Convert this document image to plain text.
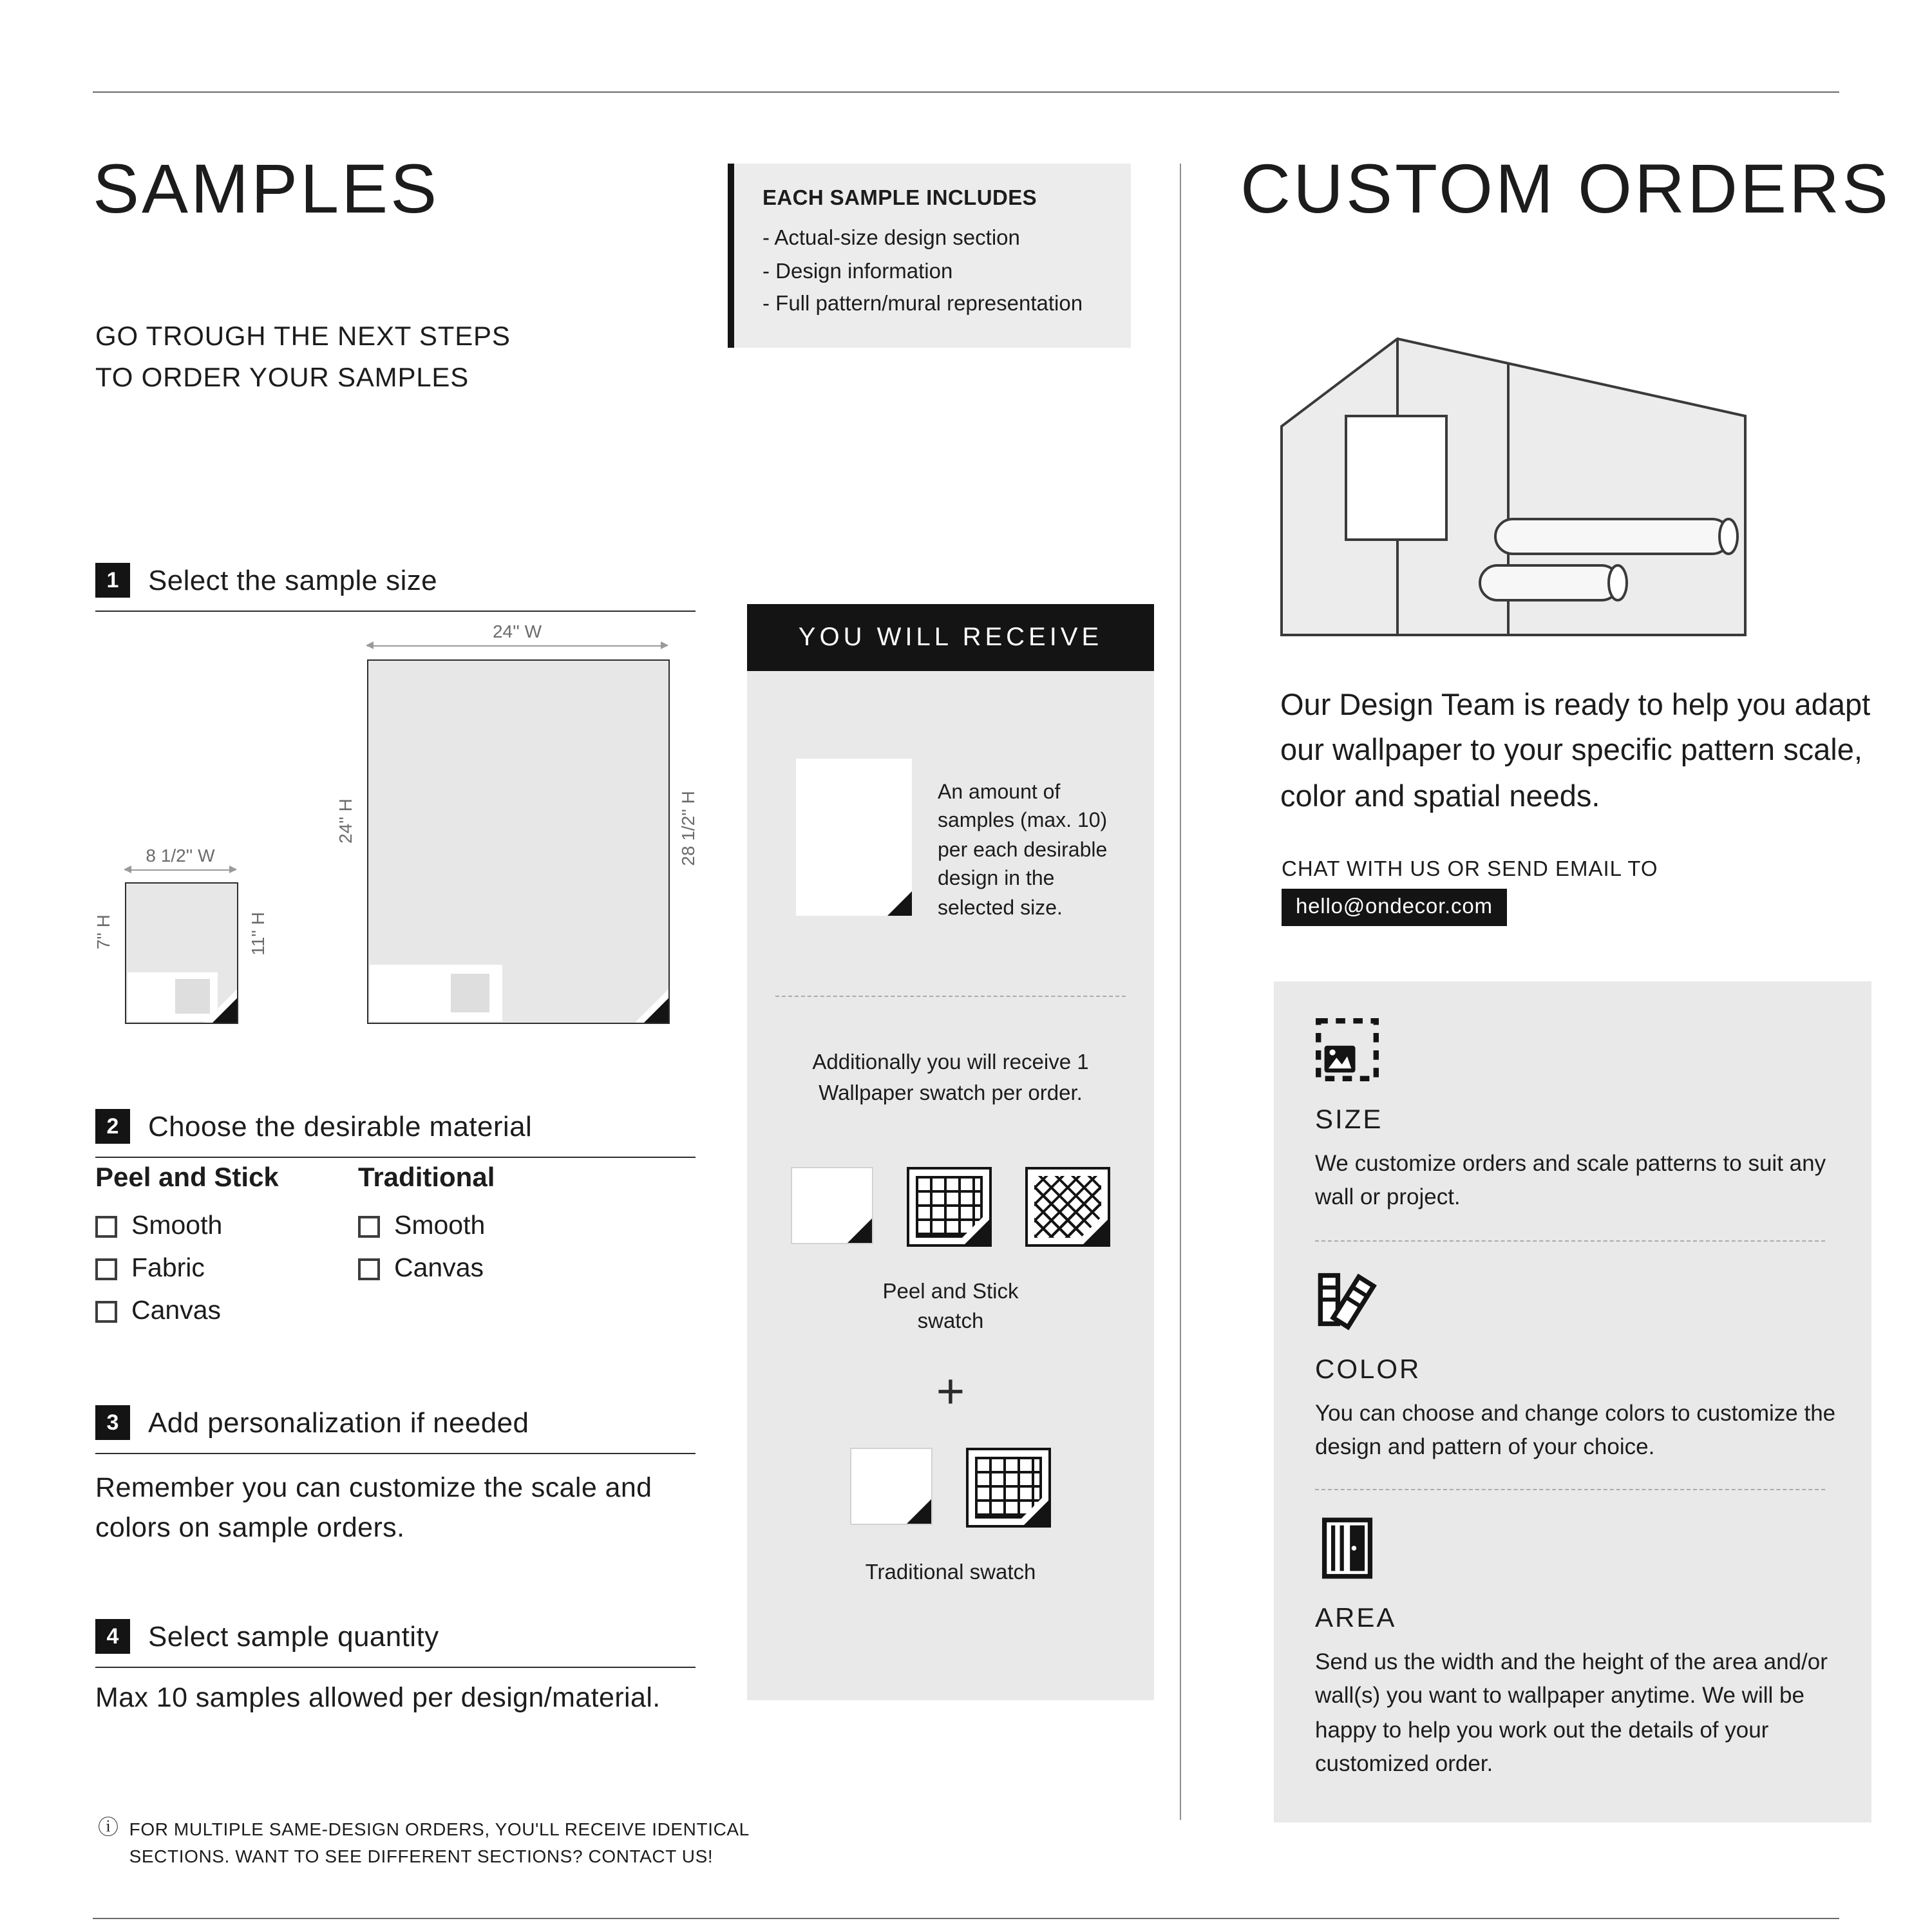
SAMPLES
GO TROUGH THE NEXT STEPS
TO ORDER YOUR SAMPLES
EACH SAMPLE INCLUDES
- Actual-size design section
- Design information
- Full pattern/mural representation
1	Select the sample size
2	Choose the desirable material
3	Add personalization if needed
4	Select sample quantity
24'' W
24'' H	28 1/2'' H
8 1/2'' W
7'' H	11'' H
Peel and Stick
Smooth
Fabric
Canvas
Traditional
Smooth
Canvas
Remember you can customize the scale and colors on sample orders.
Max 10 samples allowed per design/material.
ⓘ FOR MULTIPLE SAME-DESIGN ORDERS, YOU'LL RECEIVE IDENTICAL
SECTIONS. WANT TO SEE DIFFERENT SECTIONS? CONTACT US!
YOU WILL RECEIVE

An amount of samples (max. 10) per each desirable design in the selected size.

Additionally you will receive 1 Wallpaper swatch per order.

Peel and Stick swatch

+

Traditional swatch

CUSTOM ORDERS

Our Design Team is ready to help you adapt our wallpaper to your specific pattern scale, color and spatial needs.

CHAT WITH US OR SEND EMAIL TO
hello@ondecor.com
SIZE

We customize orders and scale patterns to suit any wall or project.

COLOR

You can choose and change colors to customize the design and pattern of your choice.

AREA

Send us the width and the height of the area and/or wall(s) you want to wallpaper anytime. We will be happy to help you work out the details of your customized order.
